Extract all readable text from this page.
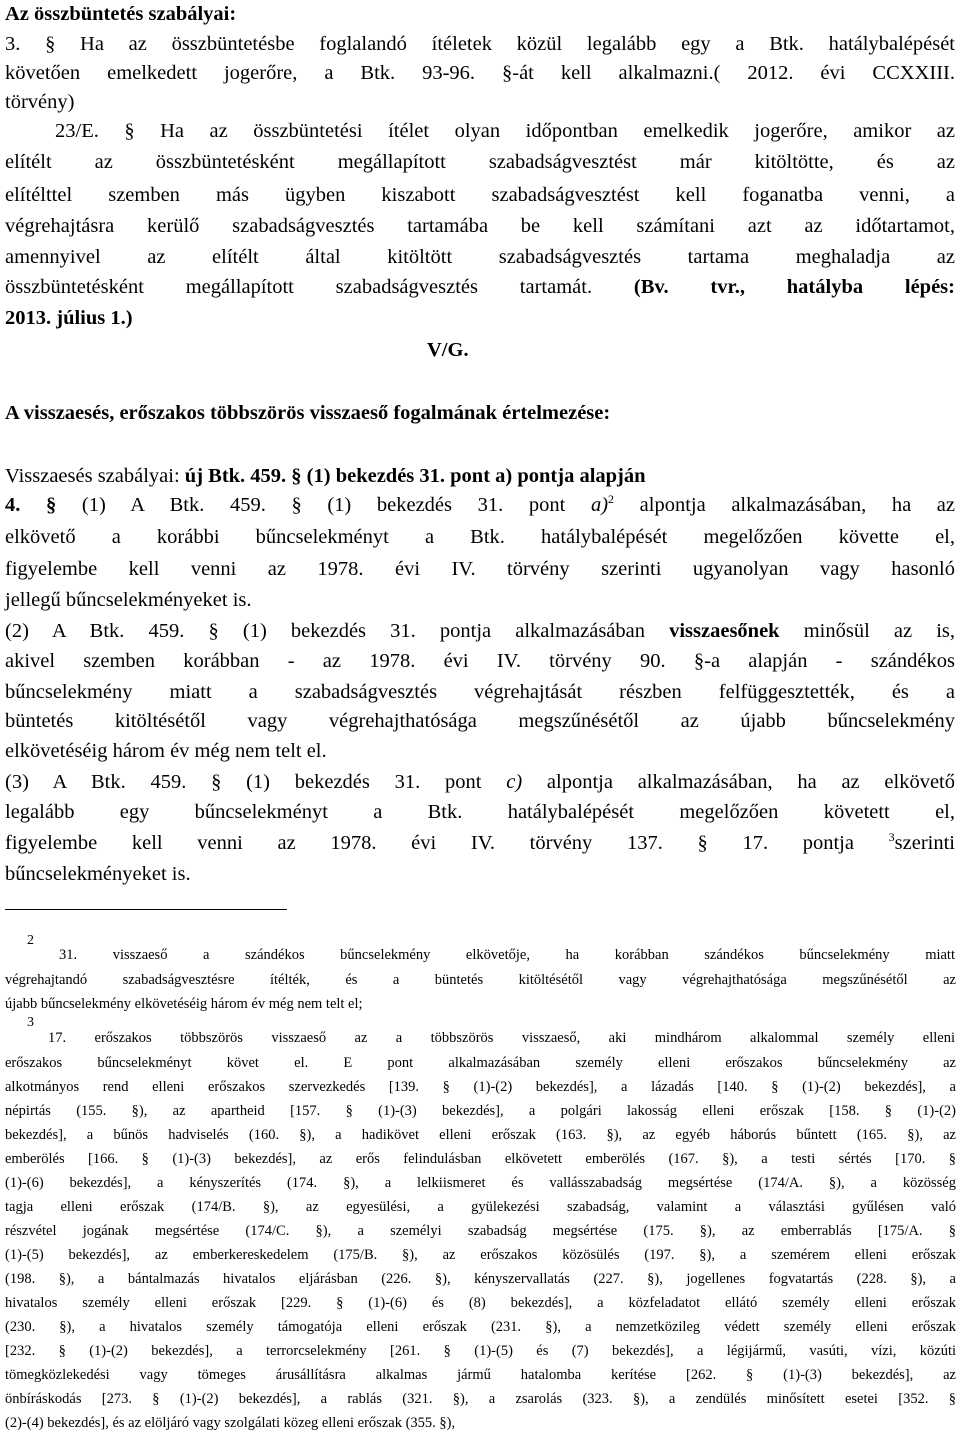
Az összbüntetés szabályai:
3. § Ha az összbüntetésbe foglalandó ítéletek közül legalább egy a Btk. hatálybalépését
követően emelkedett jogerőre, a Btk. 93-96. §-át kell alkalmazni.( 2012. évi CCXXIII.
törvény)
23/E. § Ha az összbüntetési ítélet olyan időpontban emelkedik jogerőre, amikor az
elítélt az összbüntetésként megállapított szabadságvesztést már kitöltötte, és az
elítélttel szemben más ügyben kiszabott szabadságvesztést kell foganatba venni, a
végrehajtásra kerülő szabadságvesztés tartamába be kell számítani azt az időtartamot,
amennyivel az elítélt által kitöltött szabadságvesztés tartama meghaladja az
összbüntetésként megállapított szabadságvesztés tartamát. (Bv. tvr., hatályba lépés:
2013. július 1.)
V/G.
A visszaesés, erőszakos többszörös visszaeső fogalmának értelmezése:
Visszaesés szabályai: új Btk. 459. § (1) bekezdés 31. pont a) pontja alapján
4. § (1) A Btk. 459. § (1) bekezdés 31. pont a)$^2$ alpontja alkalmazásában, ha az
elkövető a korábbi bűncselekményt a Btk. hatálybalépését megelőzően követte el,
figyelembe kell venni az 1978. évi IV. törvény szerinti ugyanolyan vagy hasonló
jellegű bűncselekményeket is.
(2) A Btk. 459. § (1) bekezdés 31. pontja alkalmazásában visszaesőnek minősül az is,
akivel szemben korábban - az 1978. évi IV. törvény 90. §-a alapján - szándékos
bűncselekmény miatt a szabadságvesztés végrehajtását részben felfüggesztették, és a
büntetés kitöltésétől vagy végrehajthatósága megszűnésétől az újabb bűncselekmény
elkövetéséig három év még nem telt el.
(3) A Btk. 459. § (1) bekezdés 31. pont c) alpontja alkalmazásában, ha az elkövető
legalább egy bűncselekményt a Btk. hatálybalépését megelőzően követett el,
figyelembe kell venni az 1978. évi IV. törvény 137. § 17. pontja $^3$szerinti
bűncselekményeket is.
2
31. visszaeső a szándékos bűncselekmény elkövetője, ha korábban szándékos bűncselekmény miatt
végrehajtandó szabadságvesztésre ítélték, és a büntetés kitöltésétől vagy végrehajthatósága megszűnésétől az
újabb bűncselekmény elkövetéséig három év még nem telt el;
3
17. erőszakos többszörös visszaeső az a többszörös visszaeső, aki mindhárom alkalommal személy elleni
erőszakos bűncselekményt követ el. E pont alkalmazásában személy elleni erőszakos bűncselekmény az
alkotmányos rend elleni erőszakos szervezkedés [139. § (1)-(2) bekezdés], a lázadás [140. § (1)-(2) bekezdés], a
népirtás (155. §), az apartheid [157. § (1)-(3) bekezdés], a polgári lakosság elleni erőszak [158. § (1)-(2)
bekezdés], a bűnös hadviselés (160. §), a hadikövet elleni erőszak (163. §), az egyéb háborús bűntett (165. §), az
emberölés [166. § (1)-(3) bekezdés], az erős felindulásban elkövetett emberölés (167. §), a testi sértés [170. §
(1)-(6) bekezdés], a kényszerítés (174. §), a lelkiismeret és vallásszabadság megsértése (174/A. §), a közösség
tagja elleni erőszak (174/B. §), az egyesülési, a gyülekezési szabadság, valamint a választási gyűlésen való
részvétel jogának megsértése (174/C. §), a személyi szabadság megsértése (175. §), az emberrablás [175/A. §
(1)-(5) bekezdés], az emberkereskedelem (175/B. §), az erőszakos közösülés (197. §), a szemérem elleni erőszak
(198. §), a bántalmazás hivatalos eljárásban (226. §), kényszervallatás (227. §), jogellenes fogvatartás (228. §), a
hivatalos személy elleni erőszak [229. § (1)-(6) és (8) bekezdés], a közfeladatot ellátó személy elleni erőszak
(230. §), a hivatalos személy támogatója elleni erőszak (231. §), a nemzetközileg védett személy elleni erőszak
[232. § (1)-(2) bekezdés], a terrorcselekmény [261. § (1)-(5) és (7) bekezdés], a légijármű, vasúti, vízi, közúti
tömegközlekedési vagy tömeges árusállításra alkalmas jármű hatalomba kerítése [262. § (1)-(3) bekezdés], az
önbíráskodás [273. § (1)-(2) bekezdés], a rablás (321. §), a zsarolás (323. §), a zendülés minősített esetei [352. §
(2)-(4) bekezdés], és az elöljáró vagy szolgálati közeg elleni erőszak (355. §),
